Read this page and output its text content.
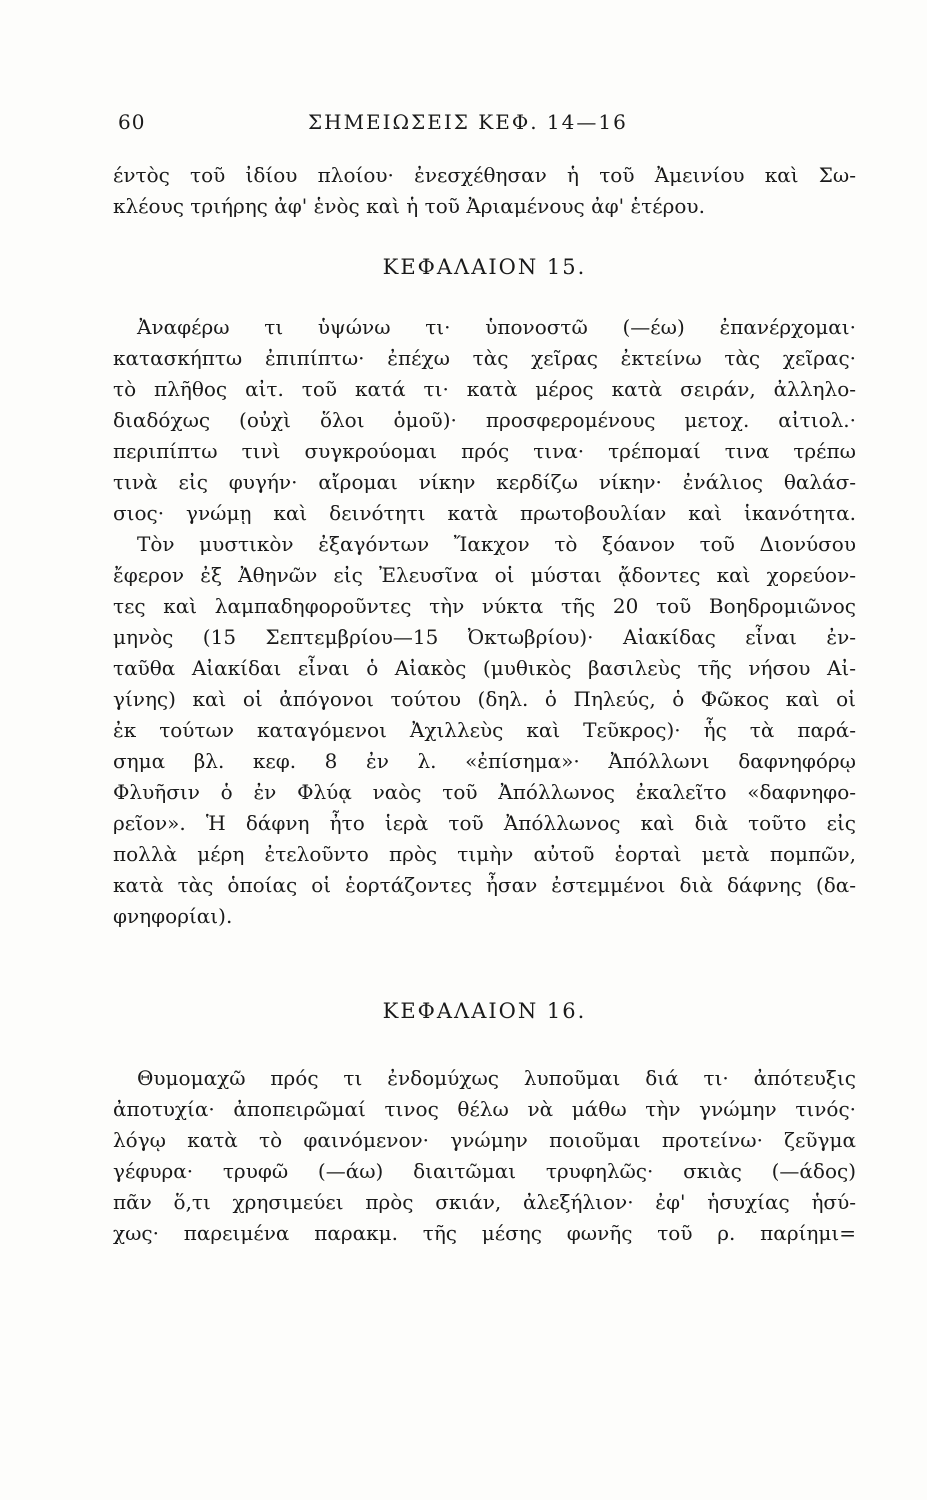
60	ΣΗΜΕΙΩΣΕΙΣ ΚΕΦ. 14—16
έντὸς τοῦ ἰδίου πλοίου· ἐνεσχέθησαν ἡ τοῦ Ἀμεινίου καὶ Σω-
κλέους τριήρης ἀφ' ἑνὸς καὶ ἡ τοῦ Ἀριαμένους ἀφ' ἑτέρου.
ΚΕΦΑΛΑΙΟΝ 15.
Ἀναφέρω τι ὑψώνω τι· ὑπονοστῶ (—έω) ἐπανέρχομαι·
κατασκήπτω ἐπιπίπτω· ἐπέχω τὰς χεῖρας ἐκτείνω τὰς χεῖρας·
τὸ πλῆθος αἰτ. τοῦ κατά τι· κατὰ μέρος κατὰ σειράν, ἀλληλο-
διαδόχως (οὐχὶ ὅλοι ὁμοῦ)· προσφερομένους μετοχ. αἰτιολ.·
περιπίπτω τινὶ συγκρούομαι πρός τινα· τρέπομαί τινα τρέπω
τινὰ εἰς φυγήν· αἴρομαι νίκην κερδίζω νίκην· ἐνάλιος θαλάσ-
σιος· γνώμῃ καὶ δεινότητι κατὰ πρωτοβουλίαν καὶ ἱκανότητα.
Τὸν μυστικὸν ἐξαγόντων Ἴακχον τὸ ξόανον τοῦ Διονύσου
ἔφερον ἐξ Ἀθηνῶν εἰς Ἐλευσῖνα οἱ μύσται ᾄδοντες καὶ χορεύον-
τες καὶ λαμπαδηφοροῦντες τὴν νύκτα τῆς 20 τοῦ Βοηδρομιῶνος
μηνὸς (15 Σεπτεμβρίου—15 Ὀκτωβρίου)· Αἰακίδας εἶναι ἐν-
ταῦθα Αἰακίδαι εἶναι ὁ Αἰακὸς (μυθικὸς βασιλεὺς τῆς νήσου Αἰ-
γίνης) καὶ οἱ ἀπόγονοι τούτου (δηλ. ὁ Πηλεύς, ὁ Φῶκος καὶ οἱ
ἐκ τούτων καταγόμενοι Ἀχιλλεὺς καὶ Τεῦκρος)· ἧς τὰ παρά-
σημα βλ. κεφ. 8 ἐν λ. «ἐπίσημα»· Ἀπόλλωνι δαφνηφόρῳ
Φλυῆσιν ὁ ἐν Φλύᾳ ναὸς τοῦ Ἀπόλλωνος ἐκαλεῖτο «δαφνηφο-
ρεῖον». Ἡ δάφνη ἦτο ἱερὰ τοῦ Ἀπόλλωνος καὶ διὰ τοῦτο εἰς
πολλὰ μέρη ἐτελοῦντο πρὸς τιμὴν αὐτοῦ ἑορταὶ μετὰ πομπῶν,
κατὰ τὰς ὁποίας οἱ ἑορτάζοντες ἦσαν ἐστεμμένοι διὰ δάφνης (δα-
φνηφορίαι).
ΚΕΦΑΛΑΙΟΝ 16.
Θυμομαχῶ πρός τι ἐνδομύχως λυποῦμαι διά τι· ἀπότευξις
ἀποτυχία· ἀποπειρῶμαί τινος θέλω νὰ μάθω τὴν γνώμην τινός·
λόγῳ κατὰ τὸ φαινόμενον· γνώμην ποιοῦμαι προτείνω· ζεῦγμα
γέφυρα· τρυφῶ (—άω) διαιτῶμαι τρυφηλῶς· σκιὰς (—άδος)
πᾶν ὅ,τι χρησιμεύει πρὸς σκιάν, ἀλεξήλιον· ἐφ' ἡσυχίας ἡσύ-
χως· παρειμένα παρακμ. τῆς μέσης φωνῆς τοῦ ρ. παρίημι=
